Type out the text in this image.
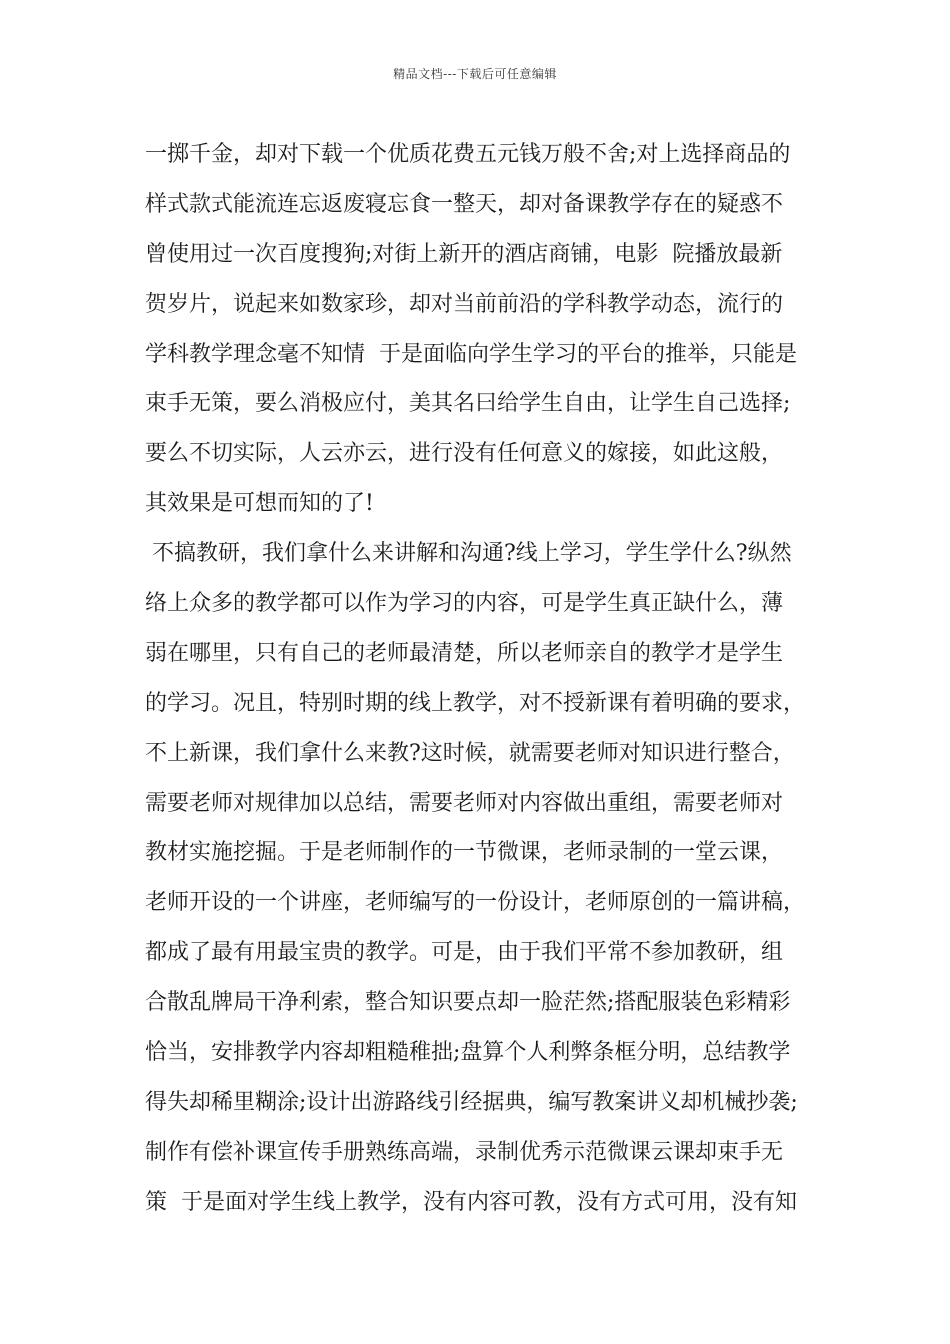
精品文档---下载后可任意编辑
一掷千金，却对下载一个优质花费五元钱万般不舍;对上选择商品的
样式款式能流连忘返废寝忘食一整天，却对备课教学存在的疑惑不
曾使用过一次百度搜狗;对街上新开的酒店商铺，电影  院播放最新
贺岁片，说起来如数家珍，却对当前前沿的学科教学动态，流行的
学科教学理念毫不知情  于是面临向学生学习的平台的推举，只能是
束手无策，要么消极应付，美其名曰给学生自由，让学生自己选择;
要么不切实际，人云亦云，进行没有任何意义的嫁接，如此这般，
其效果是可想而知的了!
不搞教研，我们拿什么来讲解和沟通?线上学习，学生学什么?纵然
络上众多的教学都可以作为学习的内容，可是学生真正缺什么，薄
弱在哪里，只有自己的老师最清楚，所以老师亲自的教学才是学生
的学习。况且，特别时期的线上教学，对不授新课有着明确的要求，
不上新课，我们拿什么来教?这时候，就需要老师对知识进行整合，
需要老师对规律加以总结，需要老师对内容做出重组，需要老师对
教材实施挖掘。于是老师制作的一节微课，老师录制的一堂云课，
老师开设的一个讲座，老师编写的一份设计，老师原创的一篇讲稿，
都成了最有用最宝贵的教学。可是，由于我们平常不参加教研，组
合散乱牌局干净利索，整合知识要点却一脸茫然;搭配服装色彩精彩
恰当，安排教学内容却粗糙稚拙;盘算个人利弊条框分明，总结教学
得失却稀里糊涂;设计出游路线引经据典，编写教案讲义却机械抄袭;
制作有偿补课宣传手册熟练高端，录制优秀示范微课云课却束手无
策  于是面对学生线上教学，没有内容可教，没有方式可用，没有知
